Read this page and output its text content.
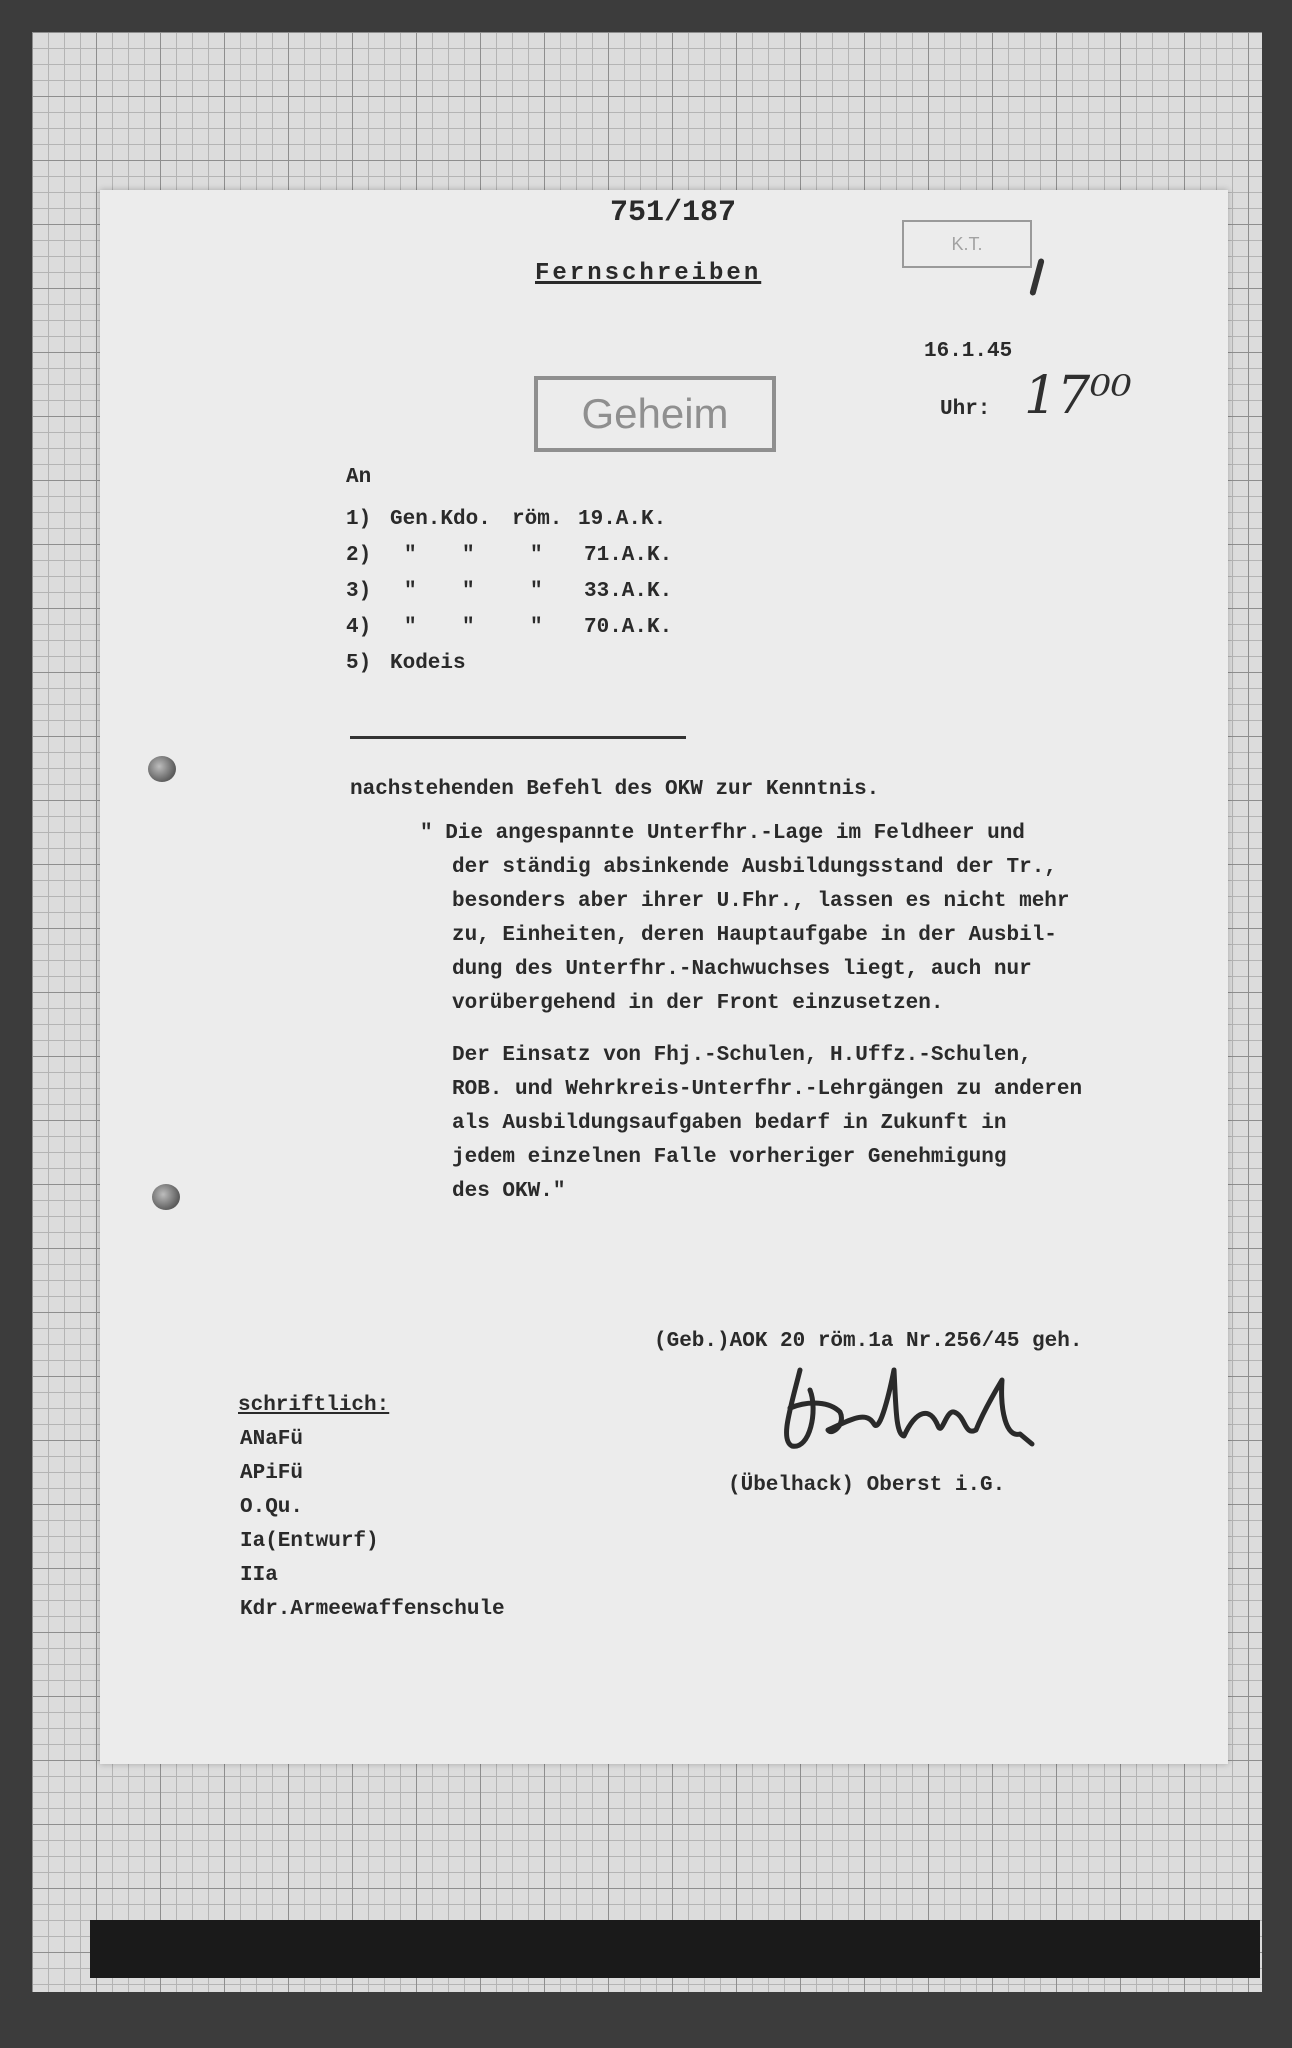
751/187
Fernschreiben
K.T.
16.1.45
Uhr: 17⁰⁰
Geheim
An
1) Gen.Kdo. röm. 19.A.K.
2) " "	" 71.A.K.
3) " "	" 33.A.K.
4) " "	" 70.A.K.
5) Kodeis
nachstehenden Befehl des OKW zur Kenntnis.
" Die angespannte Unterfhr.-Lage im Feldheer und
der ständig absinkende Ausbildungsstand der Tr.,
besonders aber ihrer U.Fhr., lassen es nicht mehr
zu, Einheiten, deren Hauptaufgabe in der Ausbil-
dung des Unterfhr.-Nachwuchses liegt, auch nur
vorübergehend in der Front einzusetzen.
Der Einsatz von Fhj.-Schulen, H.Uffz.-Schulen,
ROB. und Wehrkreis-Unterfhr.-Lehrgängen zu anderen
als Ausbildungsaufgaben bedarf in Zukunft in
jedem einzelnen Falle vorheriger Genehmigung
des OKW."
(Geb.)AOK 20 röm.1a Nr.256/45 geh.
(Übelhack) Oberst i.G.
schriftlich:
ANaFü
APiFü
O.Qu.
Ia(Entwurf)
IIa
Kdr.Armeewaffenschule
